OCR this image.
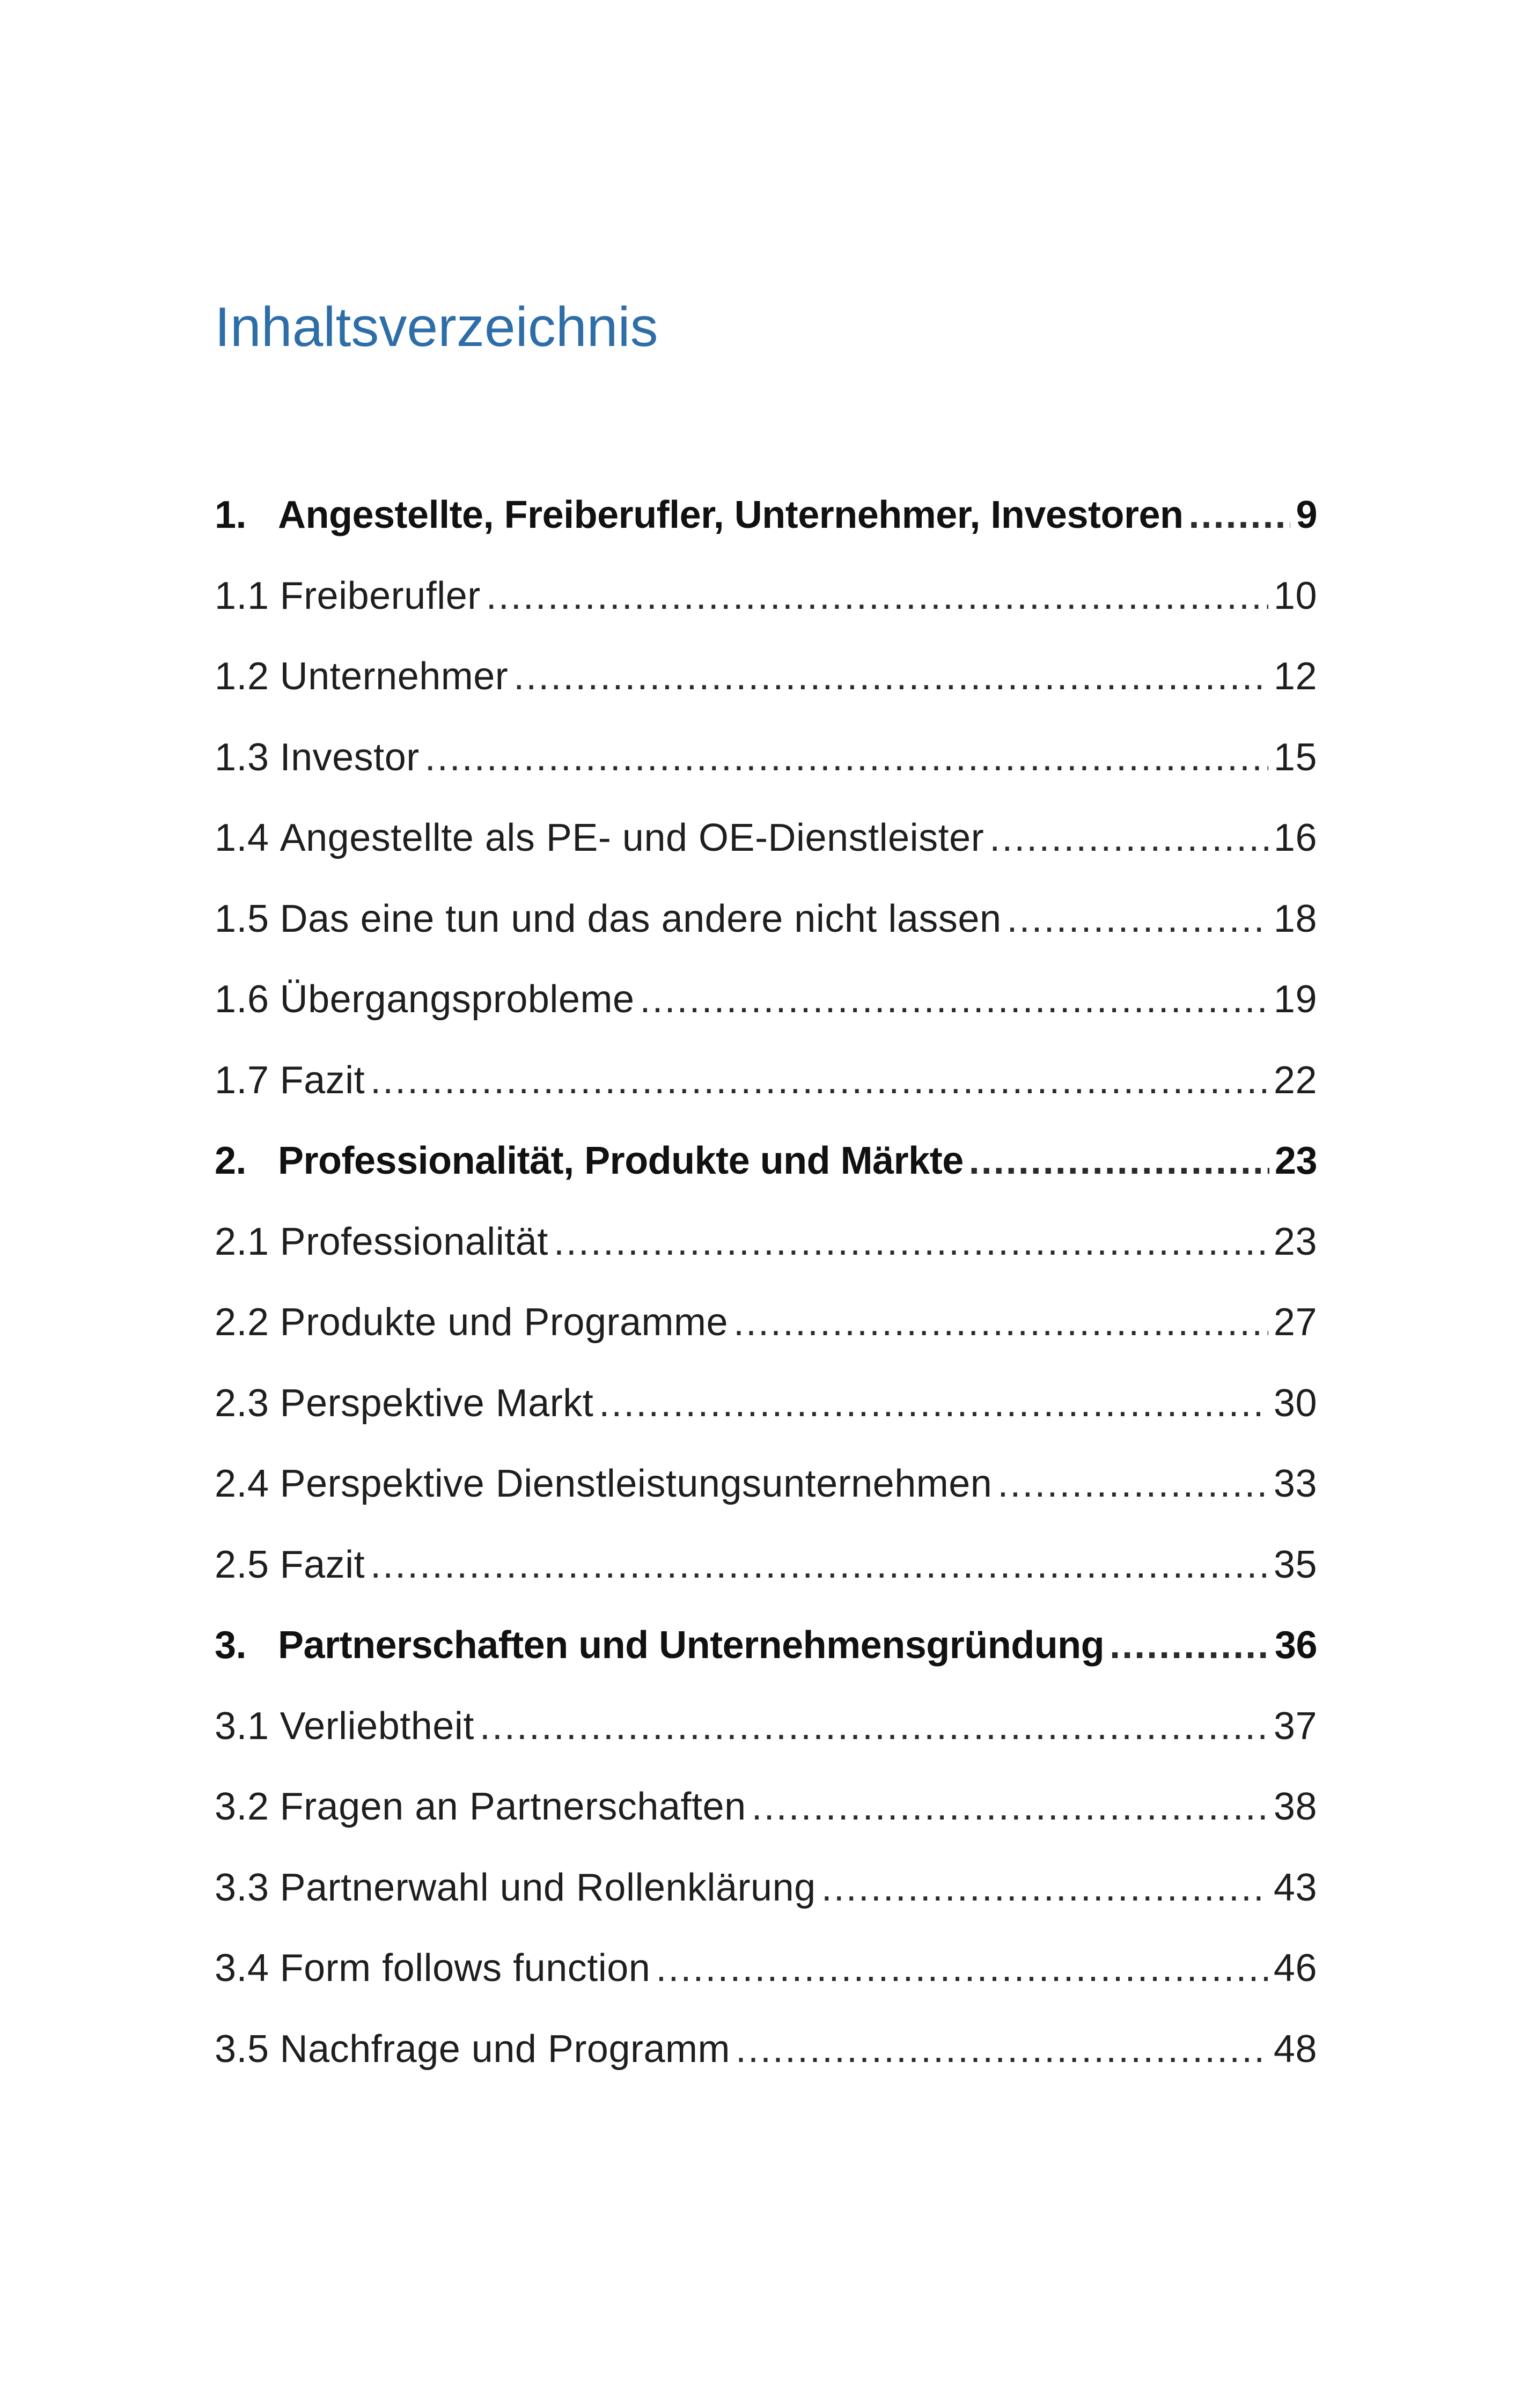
Inhaltsverzeichnis
1. Angestellte, Freiberufler, Unternehmer, Investoren .....	9
1.1 Freiberufler .....	10
1.2 Unternehmer .....	12
1.3 Investor .....	15
1.4 Angestellte als PE- und OE-Dienstleister .....	16
1.5 Das eine tun und das andere nicht lassen .....	18
1.6 Übergangsprobleme .....	19
1.7 Fazit .....	22
2. Professionalität, Produkte und Märkte .....	23
2.1 Professionalität .....	23
2.2 Produkte und Programme .....	27
2.3 Perspektive Markt .....	30
2.4 Perspektive Dienstleistungsunternehmen .....	33
2.5 Fazit .....	35
3. Partnerschaften und Unternehmensgründung .....	36
3.1 Verliebtheit .....	37
3.2 Fragen an Partnerschaften .....	38
3.3 Partnerwahl und Rollenklärung .....	43
3.4 Form follows function .....	46
3.5 Nachfrage und Programm .....	48
